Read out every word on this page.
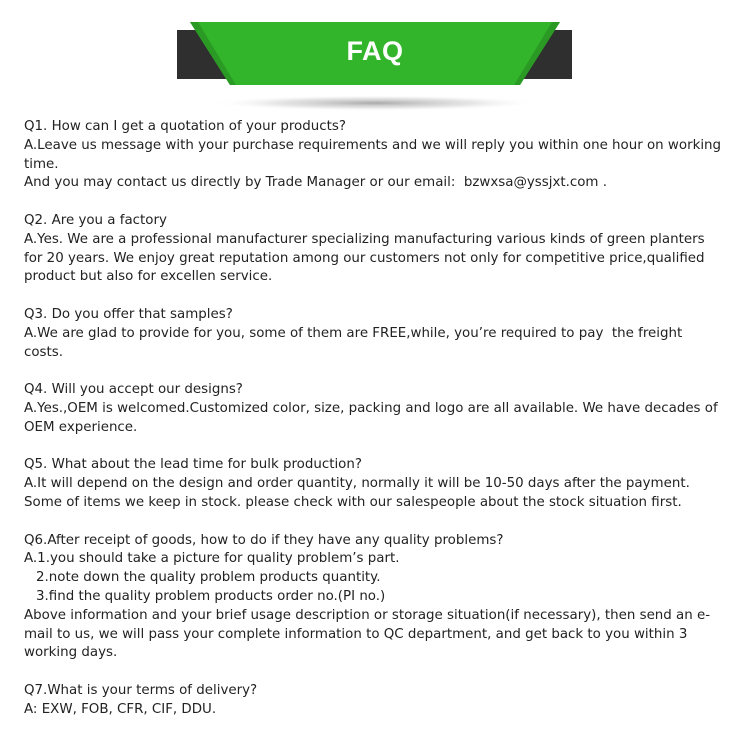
FAQ

Q1. How can I get a quotation of your products?

A.Leave us message with your purchase requirements and we will reply you within one hour on working time.

And you may contact us directly by Trade Manager or our email:  bzwxsa@yssjxt.com .

Q2. Are you a factory

A.Yes. We are a professional manufacturer specializing manufacturing various kinds of green planters for 20 years. We enjoy great reputation among our customers not only for competitive price,qualified product but also for excellen service.

Q3. Do you offer that samples?

A.We are glad to provide for you, some of them are FREE,while, you’re required to pay  the freight costs.

Q4. Will you accept our designs?

A.Yes.,OEM is welcomed.Customized color, size, packing and logo are all available. We have decades of OEM experience.

Q5. What about the lead time for bulk production?

A.It will depend on the design and order quantity, normally it will be 10-50 days after the payment. Some of items we keep in stock. please check with our salespeople about the stock situation first.

Q6.After receipt of goods, how to do if they have any quality problems?

A.1.you should take a picture for quality problem’s part.

2.note down the quality problem products quantity.

3.find the quality problem products order no.(PI no.)

Above information and your brief usage description or storage situation(if necessary), then send an e-mail to us, we will pass your complete information to QC department, and get back to you within 3 working days.

Q7.What is your terms of delivery?

A: EXW, FOB, CFR, CIF, DDU.
